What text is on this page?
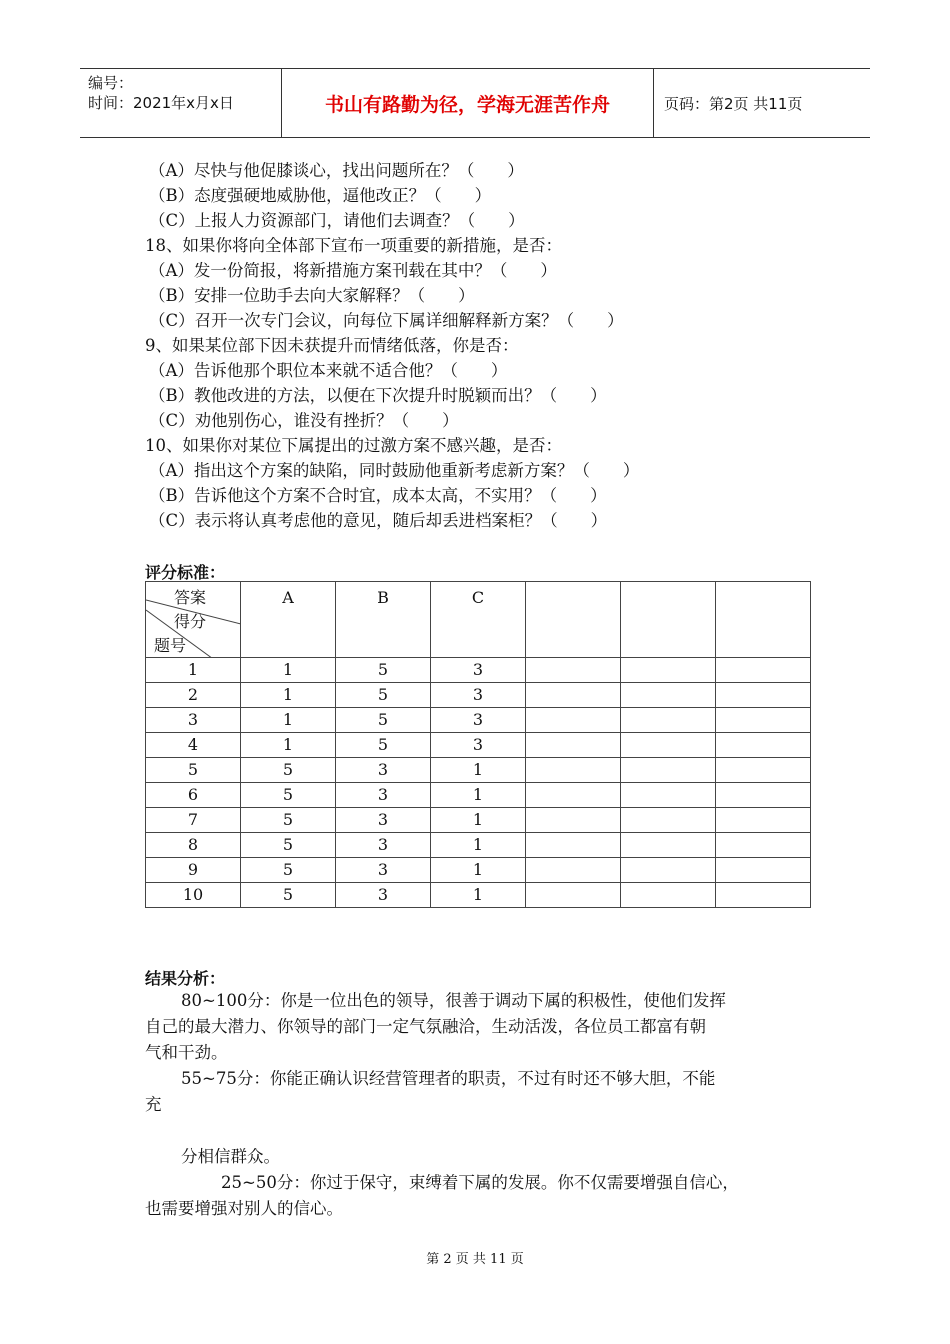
编号：
时间：2021年x月x日	书山有路勤为径，学海无涯苦作舟	页码：第2页 共11页
（A）尽快与他促膝谈心，找出问题所在？（　　）
（B）态度强硬地威胁他，逼他改正？（　　）
（C）上报人力资源部门，请他们去调查？（　　）
18、如果你将向全体部下宣布一项重要的新措施，是否：
（A）发一份简报，将新措施方案刊载在其中？（　　）
（B）安排一位助手去向大家解释？（　　）
（C）召开一次专门会议，向每位下属详细解释新方案？（　　）
9、如果某位部下因未获提升而情绪低落，你是否：
（A）告诉他那个职位本来就不适合他？（　　）
（B）教他改进的方法，以便在下次提升时脱颖而出？（　　）
（C）劝他别伤心，谁没有挫折？（　　）
10、如果你对某位下属提出的过激方案不感兴趣，是否：
（A）指出这个方案的缺陷，同时鼓励他重新考虑新方案？（　　）
（B）告诉他这个方案不合时宜，成本太高，不实用？（　　）
（C）表示将认真考虑他的意见，随后却丢进档案柜？（　　）
评分标准：
答案
得分
题号	A	B	C			
1	1	5	3			
2	1	5	3			
3	1	5	3			
4	1	5	3			
5	5	3	1			
6	5	3	1			
7	5	3	1			
8	5	3	1			
9	5	3	1			
10	5	3	1			
结果分析：
80~100分：你是一位出色的领导，很善于调动下属的积极性，使他们发挥
自己的最大潜力、你领导的部门一定气氛融洽，生动活泼，各位员工都富有朝
气和干劲。
55~75分：你能正确认识经营管理者的职责，不过有时还不够大胆，不能
充
分相信群众。
25~50分：你过于保守，束缚着下属的发展。你不仅需要增强自信心，
也需要增强对别人的信心。
第 2 页 共 11 页
